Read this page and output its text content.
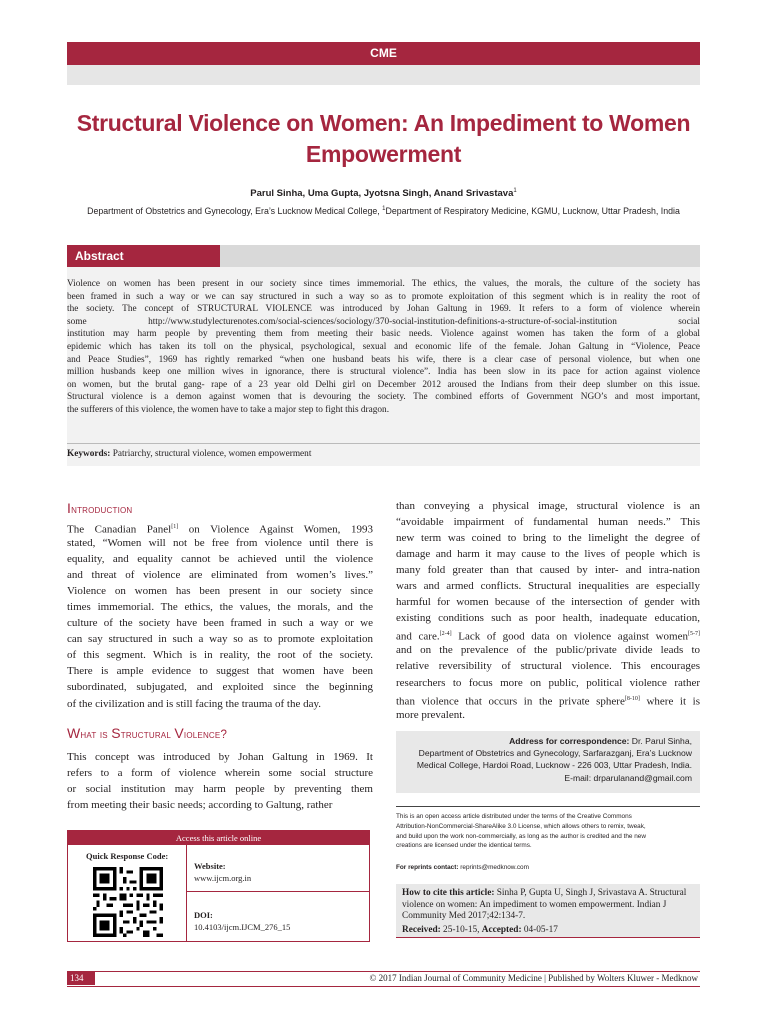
CME
Structural Violence on Women: An Impediment to Women
Empowerment
Parul Sinha, Uma Gupta, Jyotsna Singh, Anand Srivastava$^1$
Department of Obstetrics and Gynecology, Era’s Lucknow Medical College, $^1$Department of Respiratory Medicine, KGMU, Lucknow, Uttar Pradesh, India
Abstract
Violence on women has been present in our society since times immemorial. The ethics, the values, the morals, the culture of the society has
been framed in such a way or we can say structured in such a way so as to promote exploitation of this segment which is in reality the root of
the society. The concept of STRUCTURAL VIOLENCE was introduced by Johan Galtung in 1969. It refers to a form of violence wherein
some http://www.studylecturenotes.com/social-sciences/sociology/370-social-institution-definitions-a-structure-of-social-institution social
institution may harm people by preventing them from meeting their basic needs. Violence against women has taken the form of a global
epidemic which has taken its toll on the physical, psychological, sexual and economic life of the female. Johan Galtung in “Violence, Peace
and Peace Studies”, 1969 has rightly remarked “when one husband beats his wife, there is a clear case of personal violence, but when one
million husbands keep one million wives in ignorance, there is structural violence”. India has been slow in its pace for action against violence
on women, but the brutal gang- rape of a 23 year old Delhi girl on December 2012 aroused the Indians from their deep slumber on this issue.
Structural violence is a demon against women that is devouring the society. The combined efforts of Government NGO’s and most important,
the sufferers of this violence, the women have to take a major step to fight this dragon.
Keywords: Patriarchy, structural violence, women empowerment
Introduction
The Canadian Panel[1] on Violence Against Women, 1993
stated, “Women will not be free from violence until there is
equality, and equality cannot be achieved until the violence
and threat of violence are eliminated from women’s lives.”
Violence on women has been present in our society since
times immemorial. The ethics, the values, the morals, and the
culture of the society have been framed in such a way or we
can say structured in such a way so as to promote exploitation
of this segment. Which is in reality, the root of the society.
There is ample evidence to suggest that women have been
subordinated, subjugated, and exploited since the beginning
of the civilization and is still facing the trauma of the day.
What is Structural Violence?
This concept was introduced by Johan Galtung in 1969. It
refers to a form of violence wherein some social structure
or social institution may harm people by preventing them
from meeting their basic needs; according to Galtung, rather
than conveying a physical image, structural violence is an
“avoidable impairment of fundamental human needs.” This
new term was coined to bring to the limelight the degree of
damage and harm it may cause to the lives of people which is
many fold greater than that caused by inter- and intra-nation
wars and armed conflicts. Structural inequalities are especially
harmful for women because of the intersection of gender with
existing conditions such as poor health, inadequate education,
and care.[2-4] Lack of good data on violence against women[5-7]
and on the prevalence of the public/private divide leads to
relative reversibility of structural violence. This encourages
researchers to focus more on public, political violence rather
than violence that occurs in the private sphere[8-10] where it is
more prevalent.
Address for correspondence: Dr. Parul Sinha,
Department of Obstetrics and Gynecology, Sarfarazganj, Era’s Lucknow
Medical College, Hardoi Road, Lucknow - 226 003, Uttar Pradesh, India.
E-mail: drparulanand@gmail.com
This is an open access article distributed under the terms of the Creative Commons
Attribution-NonCommercial-ShareAlike 3.0 License, which allows others to remix, tweak,
and build upon the work non-commercially, as long as the author is credited and the new
creations are licensed under the identical terms.
For reprints contact: reprints@medknow.com
How to cite this article: Sinha P, Gupta U, Singh J, Srivastava A. Structural
violence on women: An impediment to women empowerment. Indian J
Community Med 2017;42:134-7.
Received: 25-10-15, Accepted: 04-05-17
Access this article online
Quick Response Code:
Website:
www.ijcm.org.in
DOI:
10.4103/ijcm.IJCM_276_15
134	© 2017 Indian Journal of Community Medicine | Published by Wolters Kluwer - Medknow
